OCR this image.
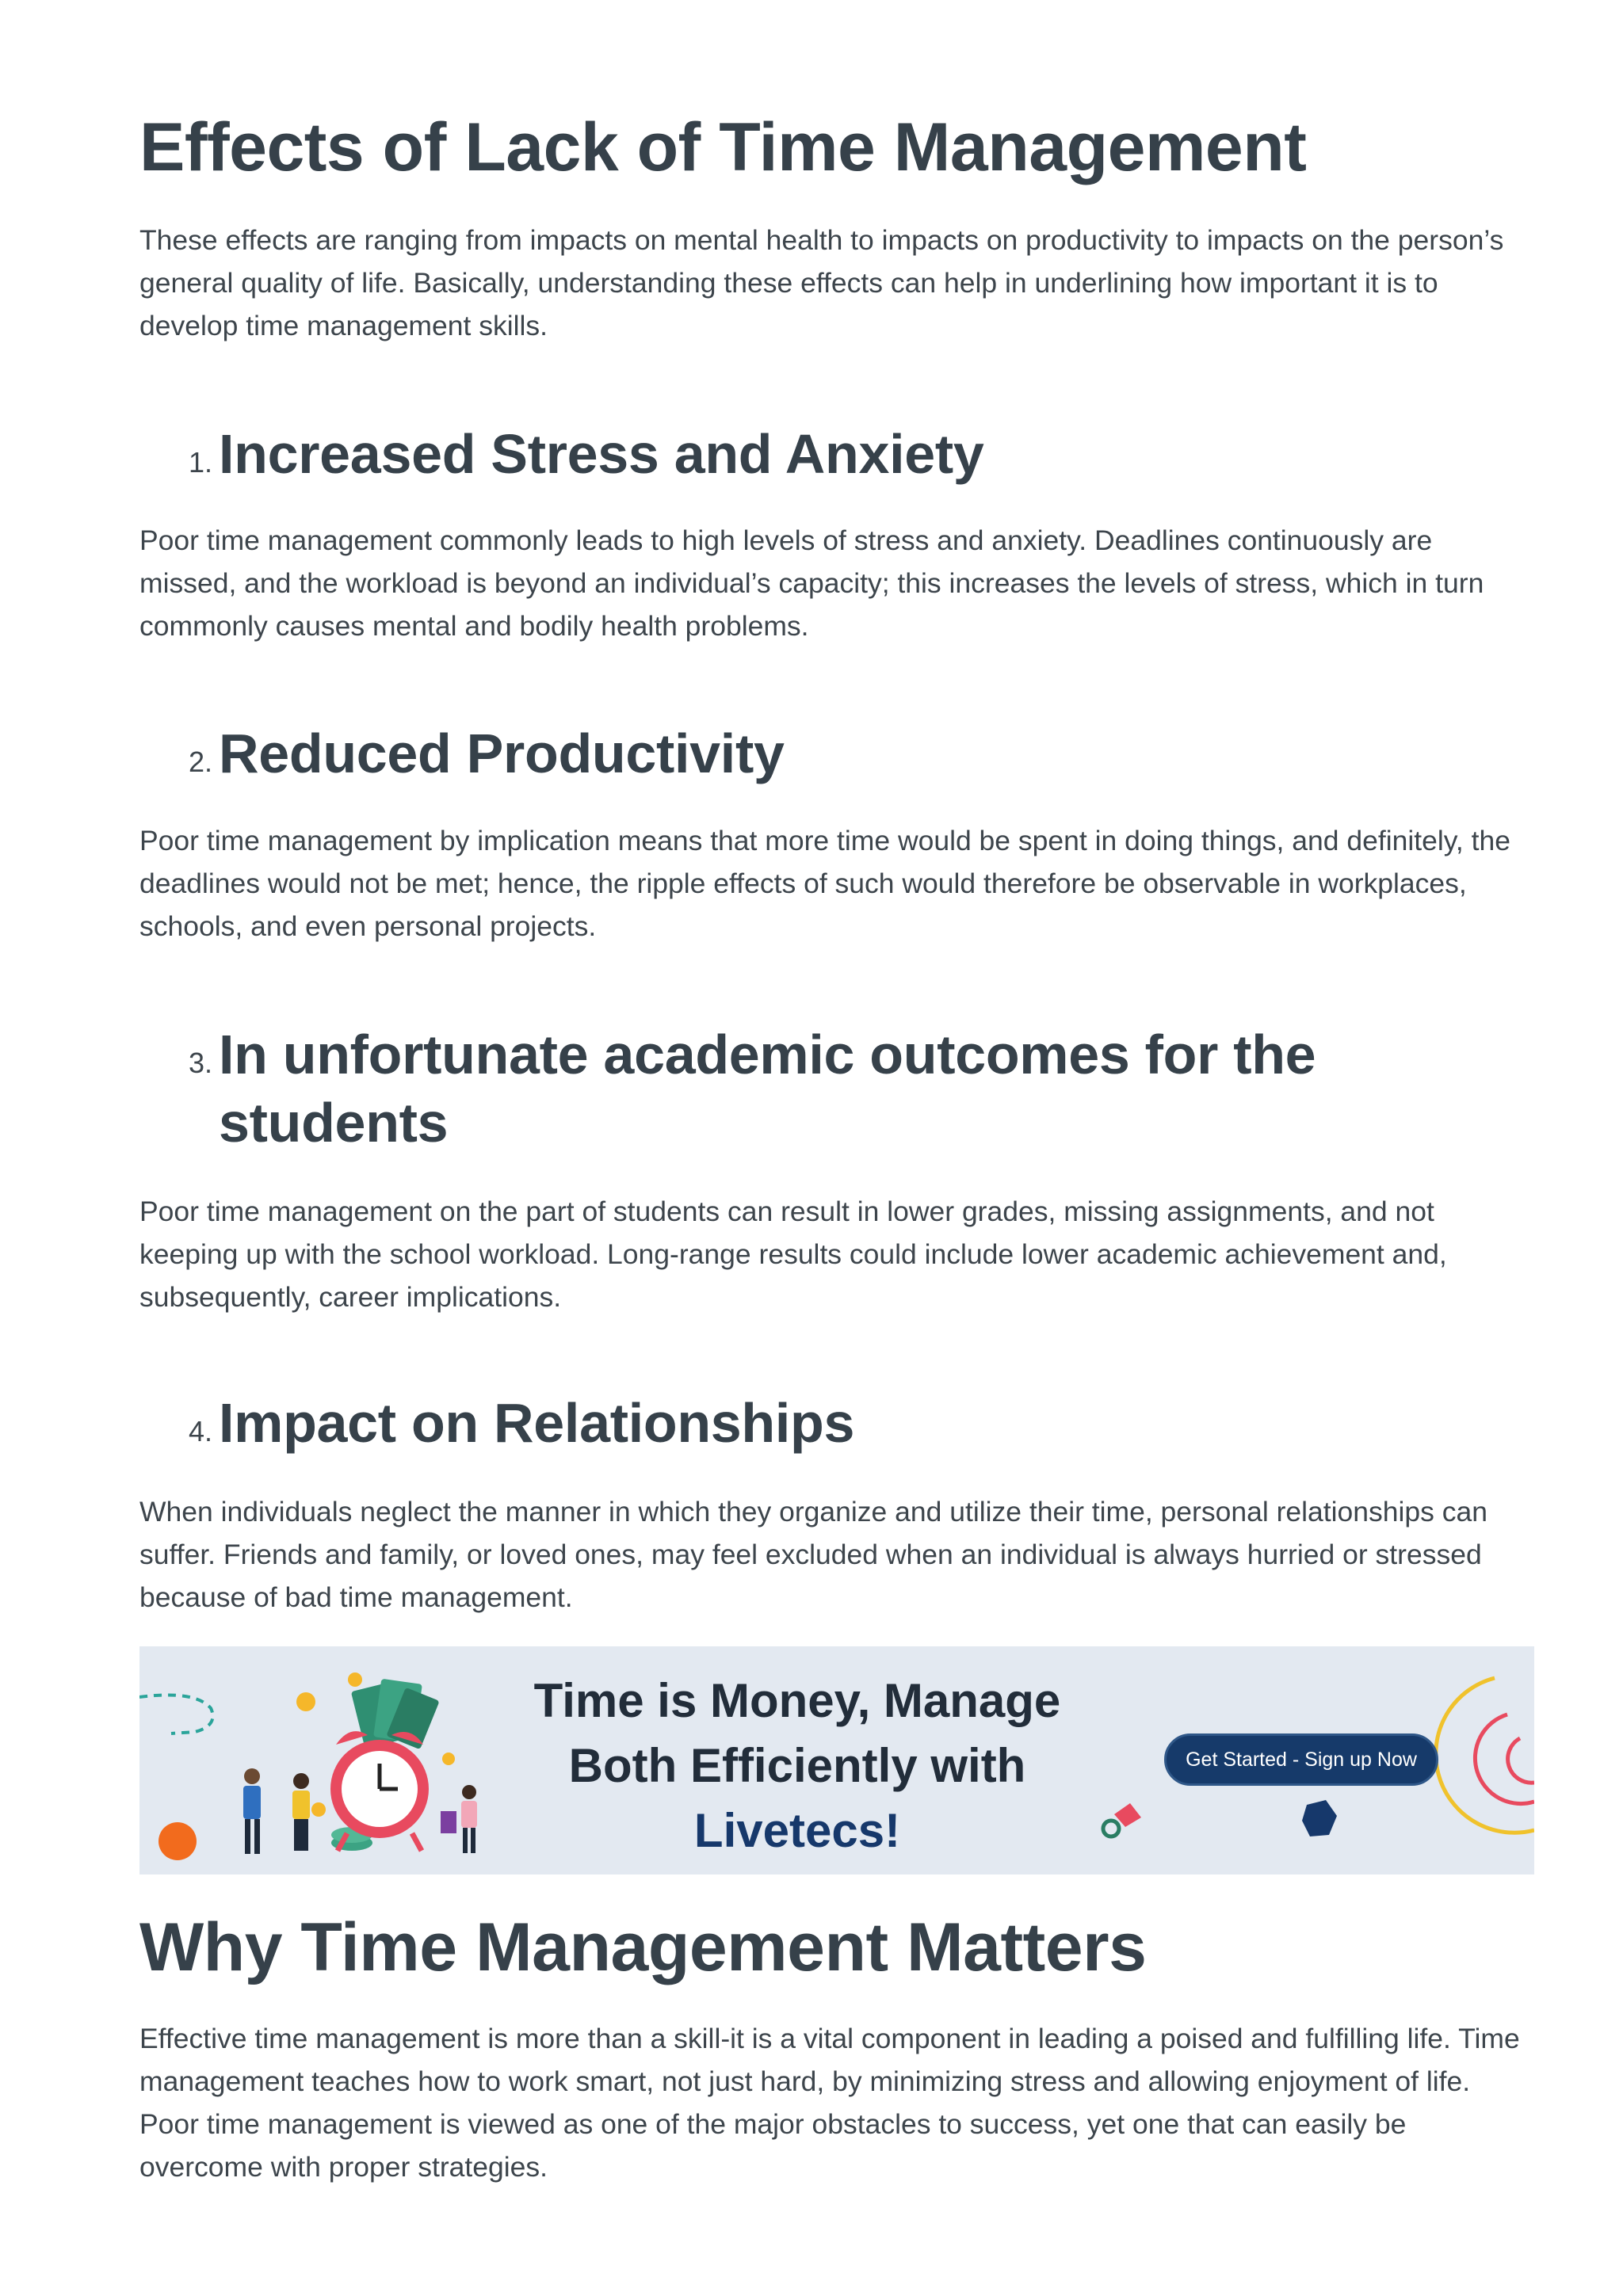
Effects of Lack of Time Management

These effects are ranging from impacts on mental health to impacts on productivity to impacts on the person’s general quality of life. Basically, understanding these effects can help in underlining how important it is to develop time management skills.

1. Increased Stress and Anxiety

Poor time management commonly leads to high levels of stress and anxiety. Deadlines continuously are missed, and the workload is beyond an individual’s capacity; this increases the levels of stress, which in turn commonly causes mental and bodily health problems.

2. Reduced Productivity

Poor time management by implication means that more time would be spent in doing things, and definitely, the deadlines would not be met; hence, the ripple effects of such would therefore be observable in workplaces, schools, and even personal projects.

3. In unfortunate academic outcomes for the students

Poor time management on the part of students can result in lower grades, missing assignments, and not keeping up with the school workload. Long-range results could include lower academic achievement and, subsequently, career implications.

4. Impact on Relationships

When individuals neglect the manner in which they organize and utilize their time, personal relationships can suffer. Friends and family, or loved ones, may feel excluded when an individual is always hurried or stressed because of bad time management.

Why Time Management Matters

Effective time management is more than a skill-it is a vital component in leading a poised and fulfilling life. Time management teaches how to work smart, not just hard, by minimizing stress and allowing enjoyment of life. Poor time management is viewed as one of the major obstacles to success, yet one that can easily be overcome with proper strategies.

Time is Money, Manage
Both Efficiently with
Livetecs!
Get Started - Sign up Now
